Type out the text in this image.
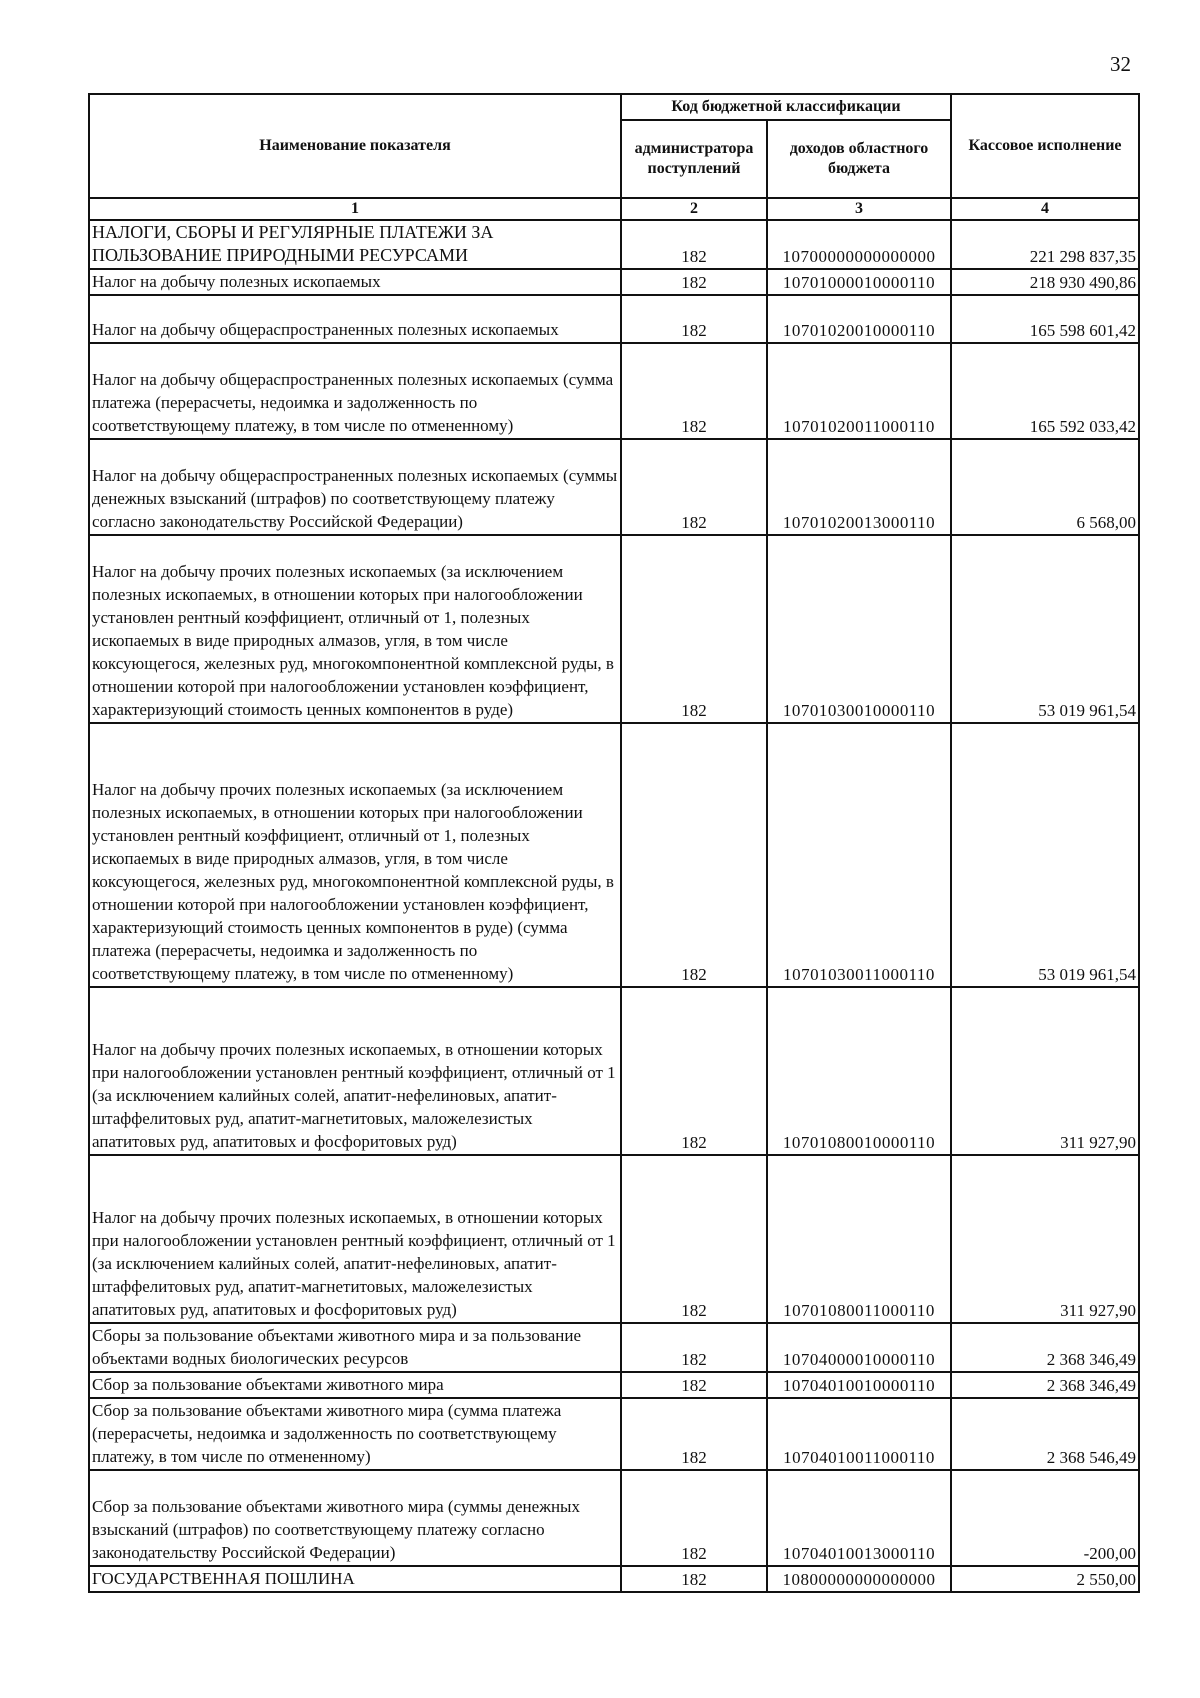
32
Наименование показателя	Код бюджетной классификации		Кассовое исполнение
	администратора поступлений	доходов областного бюджета	
1	2	3	4
НАЛОГИ, СБОРЫ И РЕГУЛЯРНЫЕ ПЛАТЕЖИ ЗА ПОЛЬЗОВАНИЕ ПРИРОДНЫМИ РЕСУРСАМИ	182	10700000000000000	221 298 837,35
Налог на добычу полезных ископаемых	182	10701000010000110	218 930 490,86
Налог на добычу общераспространенных полезных ископаемых	182	10701020010000110	165 598 601,42
Налог на добычу общераспространенных полезных ископаемых (сумма платежа (перерасчеты, недоимка и задолженность по соответствующему платежу, в том числе по отмененному)	182	10701020011000110	165 592 033,42
Налог на добычу общераспространенных полезных ископаемых (суммы денежных взысканий (штрафов) по соответствующему платежу согласно законодательству Российской Федерации)	182	10701020013000110	6 568,00
Налог на добычу прочих полезных ископаемых (за исключением полезных ископаемых, в отношении которых при налогообложении установлен рентный коэффициент, отличный от 1, полезных ископаемых в виде природных алмазов, угля, в том числе коксующегося, железных руд, многокомпонентной комплексной руды, в отношении которой при налогообложении установлен коэффициент, характеризующий стоимость ценных компонентов в руде)	182	10701030010000110	53 019 961,54
Налог на добычу прочих полезных ископаемых (за исключением полезных ископаемых, в отношении которых при налогообложении установлен рентный коэффициент, отличный от 1, полезных ископаемых в виде природных алмазов, угля, в том числе коксующегося, железных руд, многокомпонентной комплексной руды, в отношении которой при налогообложении установлен коэффициент, характеризующий стоимость ценных компонентов в руде) (сумма платежа (перерасчеты, недоимка и задолженность по соответствующему платежу, в том числе по отмененному)	182	10701030011000110	53 019 961,54
Налог на добычу прочих полезных ископаемых, в отношении которых при налогообложении установлен рентный коэффициент, отличный от 1 (за исключением калийных солей, апатит-нефелиновых, апатит-штаффелитовых руд, апатит-магнетитовых, маложелезистых апатитовых руд, апатитовых и фосфоритовых руд)	182	10701080010000110	311 927,90
Налог на добычу прочих полезных ископаемых, в отношении которых при налогообложении установлен рентный коэффициент, отличный от 1 (за исключением калийных солей, апатит-нефелиновых, апатит-штаффелитовых руд, апатит-магнетитовых, маложелезистых апатитовых руд, апатитовых и фосфоритовых руд)	182	10701080011000110	311 927,90
Сборы за пользование объектами животного мира и за пользование объектами водных биологических ресурсов	182	10704000010000110	2 368 346,49
Сбор за пользование объектами животного мира	182	10704010010000110	2 368 346,49
Сбор за пользование объектами животного мира (сумма платежа (перерасчеты, недоимка и задолженность по соответствующему платежу, в том числе по отмененному)	182	10704010011000110	2 368 546,49
Сбор за пользование объектами животного мира (суммы денежных взысканий (штрафов) по соответствующему платежу согласно законодательству Российской Федерации)	182	10704010013000110	-200,00
ГОСУДАРСТВЕННАЯ ПОШЛИНА	182	10800000000000000	2 550,00
